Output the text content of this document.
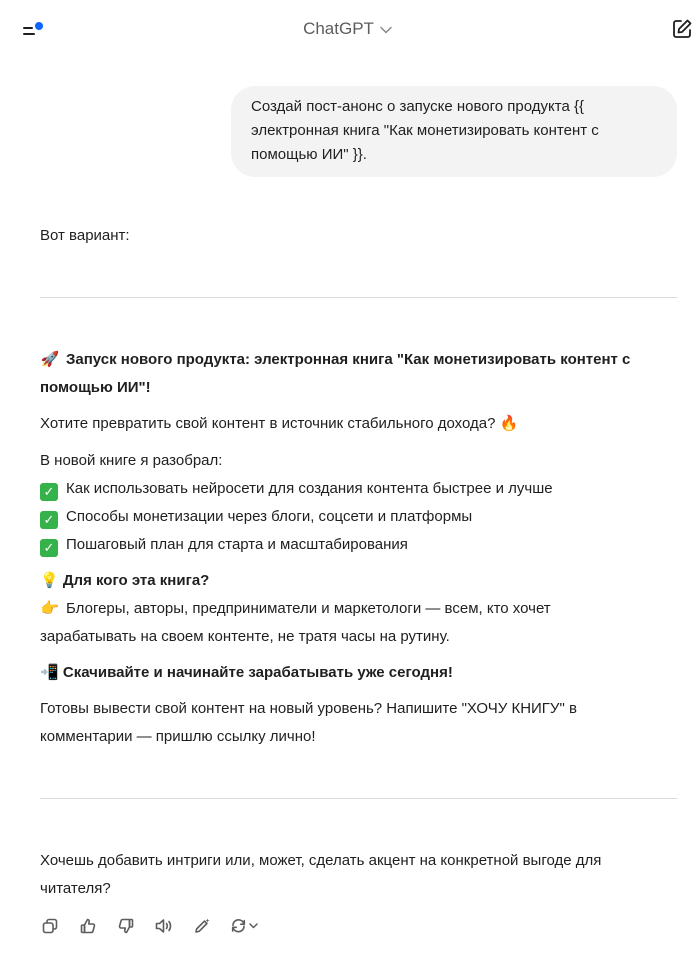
ChatGPT
Создай пост-анонс о запуске нового продукта {{
электронная книга "Как монетизировать контент с
помощью ИИ" }}.
Вот вариант:
🚀 Запуск нового продукта: электронная книга "Как монетизировать контент с
помощью ИИ"!
Хотите превратить свой контент в источник стабильного дохода? 🔥
В новой книге я разобрал:
✓ Как использовать нейросети для создания контента быстрее и лучше
✓ Способы монетизации через блоги, соцсети и платформы
✓ Пошаговый план для старта и масштабирования
💡 Для кого эта книга?
👉 Блогеры, авторы, предприниматели и маркетологи — всем, кто хочет
зарабатывать на своем контенте, не тратя часы на рутину.
📲 Скачивайте и начинайте зарабатывать уже сегодня!
Готовы вывести свой контент на новый уровень? Напишите "ХОЧУ КНИГУ" в
комментарии — пришлю ссылку лично!
Хочешь добавить интриги или, может, сделать акцент на конкретной выгоде для
читателя?
